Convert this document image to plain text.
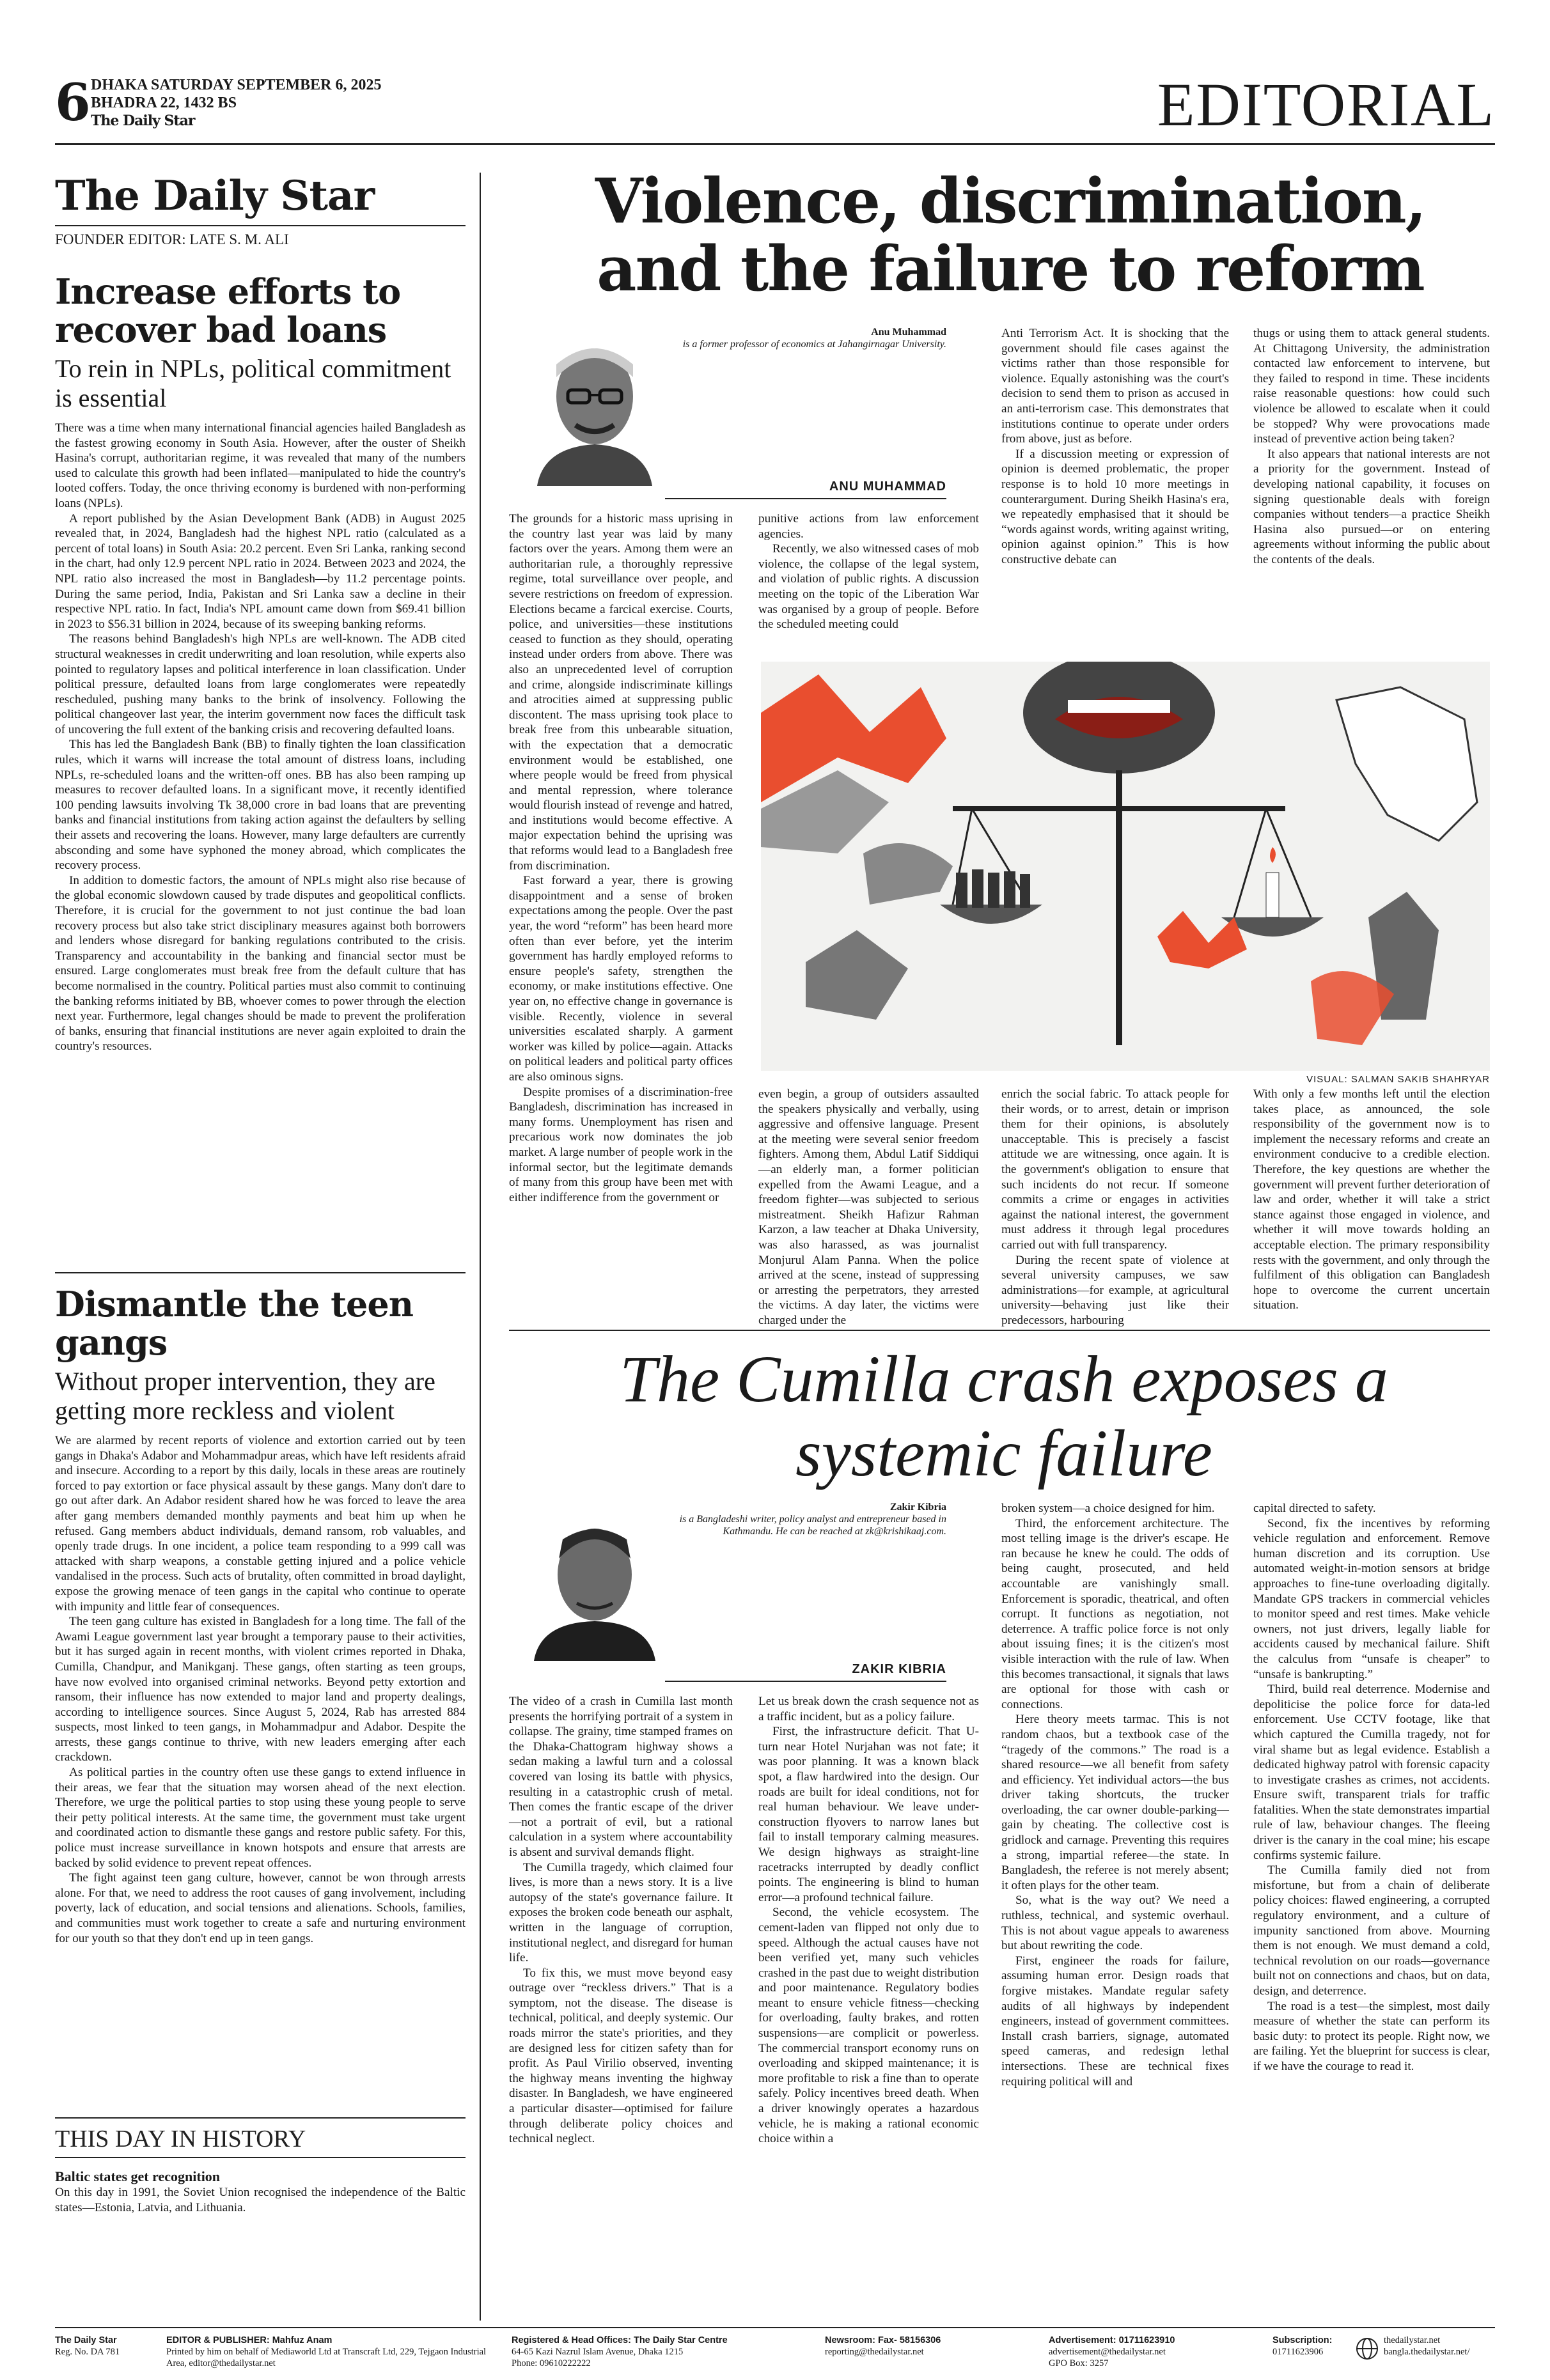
6 DHAKA SATURDAY SEPTEMBER 6, 2025
BHADRA 22, 1432 BS
The Daily Star	EDITORIAL
The Daily Star
FOUNDER EDITOR: LATE S. M. ALI
Increase efforts to recover bad loans
To rein in NPLs, political commitment is essential

There was a time when many international financial agencies hailed Bangladesh as the fastest growing economy in South Asia. However, after the ouster of Sheikh Hasina's corrupt, authoritarian regime, it was revealed that many of the numbers used to calculate this growth had been inflated—manipulated to hide the country's looted coffers. Today, the once thriving economy is burdened with non-performing loans (NPLs).

A report published by the Asian Development Bank (ADB) in August 2025 revealed that, in 2024, Bangladesh had the highest NPL ratio (calculated as a percent of total loans) in South Asia: 20.2 percent. Even Sri Lanka, ranking second in the chart, had only 12.9 percent NPL ratio in 2024. Between 2023 and 2024, the NPL ratio also increased the most in Bangladesh—by 11.2 percentage points. During the same period, India, Pakistan and Sri Lanka saw a decline in their respective NPL ratio. In fact, India's NPL amount came down from $69.41 billion in 2023 to $56.31 billion in 2024, because of its sweeping banking reforms.

The reasons behind Bangladesh's high NPLs are well-known. The ADB cited structural weaknesses in credit underwriting and loan resolution, while experts also pointed to regulatory lapses and political interference in loan classification. Under political pressure, defaulted loans from large conglomerates were repeatedly rescheduled, pushing many banks to the brink of insolvency. Following the political changeover last year, the interim government now faces the difficult task of uncovering the full extent of the banking crisis and recovering defaulted loans.

This has led the Bangladesh Bank (BB) to finally tighten the loan classification rules, which it warns will increase the total amount of distress loans, including NPLs, re-scheduled loans and the written-off ones. BB has also been ramping up measures to recover defaulted loans. In a significant move, it recently identified 100 pending lawsuits involving Tk 38,000 crore in bad loans that are preventing banks and financial institutions from taking action against the defaulters by selling their assets and recovering the loans. However, many large defaulters are currently absconding and some have syphoned the money abroad, which complicates the recovery process.

In addition to domestic factors, the amount of NPLs might also rise because of the global economic slowdown caused by trade disputes and geopolitical conflicts. Therefore, it is crucial for the government to not just continue the bad loan recovery process but also take strict disciplinary measures against both borrowers and lenders whose disregard for banking regulations contributed to the crisis. Transparency and accountability in the banking and financial sector must be ensured. Large conglomerates must break free from the default culture that has become normalised in the country. Political parties must also commit to continuing the banking reforms initiated by BB, whoever comes to power through the election next year. Furthermore, legal changes should be made to prevent the proliferation of banks, ensuring that financial institutions are never again exploited to drain the country's resources.

Dismantle the teen gangs
Without proper intervention, they are getting more reckless and violent

We are alarmed by recent reports of violence and extortion carried out by teen gangs in Dhaka's Adabor and Mohammadpur areas, which have left residents afraid and insecure. According to a report by this daily, locals in these areas are routinely forced to pay extortion or face physical assault by these gangs. Many don't dare to go out after dark. An Adabor resident shared how he was forced to leave the area after gang members demanded monthly payments and beat him up when he refused. Gang members abduct individuals, demand ransom, rob valuables, and openly trade drugs. In one incident, a police team responding to a 999 call was attacked with sharp weapons, a constable getting injured and a police vehicle vandalised in the process. Such acts of brutality, often committed in broad daylight, expose the growing menace of teen gangs in the capital who continue to operate with impunity and little fear of consequences.

The teen gang culture has existed in Bangladesh for a long time. The fall of the Awami League government last year brought a temporary pause to their activities, but it has surged again in recent months, with violent crimes reported in Dhaka, Cumilla, Chandpur, and Manikganj. These gangs, often starting as teen groups, have now evolved into organised criminal networks. Beyond petty extortion and ransom, their influence has now extended to major land and property dealings, according to intelligence sources. Since August 5, 2024, Rab has arrested 884 suspects, most linked to teen gangs, in Mohammadpur and Adabor. Despite the arrests, these gangs continue to thrive, with new leaders emerging after each crackdown.

As political parties in the country often use these gangs to extend influence in their areas, we fear that the situation may worsen ahead of the next election. Therefore, we urge the political parties to stop using these young people to serve their petty political interests. At the same time, the government must take urgent and coordinated action to dismantle these gangs and restore public safety. For this, police must increase surveillance in known hotspots and ensure that arrests are backed by solid evidence to prevent repeat offences.

The fight against teen gang culture, however, cannot be won through arrests alone. For that, we need to address the root causes of gang involvement, including poverty, lack of education, and social tensions and alienations. Schools, families, and communities must work together to create a safe and nurturing environment for our youth so that they don't end up in teen gangs.

THIS DAY IN HISTORY
Baltic states get recognition

On this day in 1991, the Soviet Union recognised the independence of the Baltic states—Estonia, Latvia, and Lithuania.

Violence, discrimination, and the failure to reform
Anu Muhammad
is a former professor of economics at Jahangirnagar University.
ANU MUHAMMAD

The grounds for a historic mass uprising in the country last year was laid by many factors over the years. Among them were an authoritarian rule, a thoroughly repressive regime, total surveillance over people, and severe restrictions on freedom of expression. Elections became a farcical exercise. Courts, police, and universities—these institutions ceased to function as they should, operating instead under orders from above. There was also an unprecedented level of corruption and crime, alongside indiscriminate killings and atrocities aimed at suppressing public discontent. The mass uprising took place to break free from this unbearable situation, with the expectation that a democratic environment would be established, one where people would be freed from physical and mental repression, where tolerance would flourish instead of revenge and hatred, and institutions would become effective. A major expectation behind the uprising was that reforms would lead to a Bangladesh free from discrimination.

Fast forward a year, there is growing disappointment and a sense of broken expectations among the people. Over the past year, the word “reform” has been heard more often than ever before, yet the interim government has hardly employed reforms to ensure people's safety, strengthen the economy, or make institutions effective. One year on, no effective change in governance is visible. Recently, violence in several universities escalated sharply. A garment worker was killed by police—again. Attacks on political leaders and political party offices are also ominous signs.

Despite promises of a discrimination-free Bangladesh, discrimination has increased in many forms. Unemployment has risen and precarious work now dominates the job market. A large number of people work in the informal sector, but the legitimate demands of many from this group have been met with either indifference from the government or

punitive actions from law enforcement agencies.

Recently, we also witnessed cases of mob violence, the collapse of the legal system, and violation of public rights. A discussion meeting on the topic of the Liberation War was organised by a group of people. Before the scheduled meeting could

Anti Terrorism Act. It is shocking that the government should file cases against the victims rather than those responsible for violence. Equally astonishing was the court's decision to send them to prison as accused in an anti-terrorism case. This demonstrates that institutions continue to operate under orders from above, just as before.

If a discussion meeting or expression of opinion is deemed problematic, the proper response is to hold 10 more meetings in counterargument. During Sheikh Hasina's era, we repeatedly emphasised that it should be “words against words, writing against writing, opinion against opinion.” This is how constructive debate can

thugs or using them to attack general students. At Chittagong University, the administration contacted law enforcement to intervene, but they failed to respond in time. These incidents raise reasonable questions: how could such violence be allowed to escalate when it could be stopped? Why were provocations made instead of preventive action being taken?

It also appears that national interests are not a priority for the government. Instead of developing national capability, it focuses on signing questionable deals with foreign companies without tenders—a practice Sheikh Hasina also pursued—or on entering agreements without informing the public about the contents of the deals.

VISUAL: SALMAN SAKIB SHAHRYAR

even begin, a group of outsiders assaulted the speakers physically and verbally, using aggressive and offensive language. Present at the meeting were several senior freedom fighters. Among them, Abdul Latif Siddiqui—an elderly man, a former politician expelled from the Awami League, and a freedom fighter—was subjected to serious mistreatment. Sheikh Hafizur Rahman Karzon, a law teacher at Dhaka University, was also harassed, as was journalist Monjurul Alam Panna. When the police arrived at the scene, instead of suppressing or arresting the perpetrators, they arrested the victims. A day later, the victims were charged under the

enrich the social fabric. To attack people for their words, or to arrest, detain or imprison them for their opinions, is absolutely unacceptable. This is precisely a fascist attitude we are witnessing, once again. It is the government's obligation to ensure that such incidents do not recur. If someone commits a crime or engages in activities against the national interest, the government must address it through legal procedures carried out with full transparency.

During the recent spate of violence at several university campuses, we saw administrations—for example, at agricultural university—behaving just like their predecessors, harbouring

With only a few months left until the election takes place, as announced, the sole responsibility of the government now is to implement the necessary reforms and create an environment conducive to a credible election. Therefore, the key questions are whether the government will prevent further deterioration of law and order, whether it will take a strict stance against those engaged in violence, and whether it will move towards holding an acceptable election. The primary responsibility rests with the government, and only through the fulfilment of this obligation can Bangladesh hope to overcome the current uncertain situation.

The Cumilla crash exposes a systemic failure
Zakir Kibria
is a Bangladeshi writer, policy analyst and entrepreneur based in Kathmandu. He can be reached at zk@krishikaaj.com.
ZAKIR KIBRIA

The video of a crash in Cumilla last month presents the horrifying portrait of a system in collapse. The grainy, time stamped frames on the Dhaka-Chattogram highway shows a sedan making a lawful turn and a colossal covered van losing its battle with physics, resulting in a catastrophic crush of metal. Then comes the frantic escape of the driver—not a portrait of evil, but a rational calculation in a system where accountability is absent and survival demands flight.

The Cumilla tragedy, which claimed four lives, is more than a news story. It is a live autopsy of the state's governance failure. It exposes the broken code beneath our asphalt, written in the language of corruption, institutional neglect, and disregard for human life.

To fix this, we must move beyond easy outrage over “reckless drivers.” That is a symptom, not the disease. The disease is technical, political, and deeply systemic. Our roads mirror the state's priorities, and they are designed less for citizen safety than for profit. As Paul Virilio observed, inventing the highway means inventing the highway disaster. In Bangladesh, we have engineered a particular disaster—optimised for failure through deliberate policy choices and technical neglect.

Let us break down the crash sequence not as a traffic incident, but as a policy failure.

First, the infrastructure deficit. That U-turn near Hotel Nurjahan was not fate; it was poor planning. It was a known black spot, a flaw hardwired into the design. Our roads are built for ideal conditions, not for real human behaviour. We leave under-construction flyovers to narrow lanes but fail to install temporary calming measures. We design highways as straight-line racetracks interrupted by deadly conflict points. The engineering is blind to human error—a profound technical failure.

Second, the vehicle ecosystem. The cement-laden van flipped not only due to speed. Although the actual causes have not been verified yet, many such vehicles crashed in the past due to weight distribution and poor maintenance. Regulatory bodies meant to ensure vehicle fitness—checking for overloading, faulty brakes, and rotten suspensions—are complicit or powerless. The commercial transport economy runs on overloading and skipped maintenance; it is more profitable to risk a fine than to operate safely. Policy incentives breed death. When a driver knowingly operates a hazardous vehicle, he is making a rational economic choice within a

broken system—a choice designed for him.

Third, the enforcement architecture. The most telling image is the driver's escape. He ran because he knew he could. The odds of being caught, prosecuted, and held accountable are vanishingly small. Enforcement is sporadic, theatrical, and often corrupt. It functions as negotiation, not deterrence. A traffic police force is not only about issuing fines; it is the citizen's most visible interaction with the rule of law. When this becomes transactional, it signals that laws are optional for those with cash or connections.

Here theory meets tarmac. This is not random chaos, but a textbook case of the “tragedy of the commons.” The road is a shared resource—we all benefit from safety and efficiency. Yet individual actors—the bus driver taking shortcuts, the trucker overloading, the car owner double-parking—gain by cheating. The collective cost is gridlock and carnage. Preventing this requires a strong, impartial referee—the state. In Bangladesh, the referee is not merely absent; it often plays for the other team.

So, what is the way out? We need a ruthless, technical, and systemic overhaul. This is not about vague appeals to awareness but about rewriting the code.

First, engineer the roads for failure, assuming human error. Design roads that forgive mistakes. Mandate regular safety audits of all highways by independent engineers, instead of government committees. Install crash barriers, signage, automated speed cameras, and redesign lethal intersections. These are technical fixes requiring political will and

capital directed to safety.

Second, fix the incentives by reforming vehicle regulation and enforcement. Remove human discretion and its corruption. Use automated weight-in-motion sensors at bridge approaches to fine-tune overloading digitally. Mandate GPS trackers in commercial vehicles to monitor speed and rest times. Make vehicle owners, not just drivers, legally liable for accidents caused by mechanical failure. Shift the calculus from “unsafe is cheaper” to “unsafe is bankrupting.”

Third, build real deterrence. Modernise and depoliticise the police force for data-led enforcement. Use CCTV footage, like that which captured the Cumilla tragedy, not for viral shame but as legal evidence. Establish a dedicated highway patrol with forensic capacity to investigate crashes as crimes, not accidents. Ensure swift, transparent trials for traffic fatalities. When the state demonstrates impartial rule of law, behaviour changes. The fleeing driver is the canary in the coal mine; his escape confirms systemic failure.

The Cumilla family died not from misfortune, but from a chain of deliberate policy choices: flawed engineering, a corrupted regulatory environment, and a culture of impunity sanctioned from above. Mourning them is not enough. We must demand a cold, technical revolution on our roads—governance built not on connections and chaos, but on data, design, and deterrence.

The road is a test—the simplest, most daily measure of whether the state can perform its basic duty: to protect its people. Right now, we are failing. Yet the blueprint for success is clear, if we have the courage to read it.

The Daily Star
Reg. No. DA 781
EDITOR & PUBLISHER: Mahfuz Anam
Printed by him on behalf of Mediaworld Ltd at Transcraft Ltd, 229, Tejgaon Industrial Area, editor@thedailystar.net
Registered & Head Offices: The Daily Star Centre
64-65 Kazi Nazrul Islam Avenue, Dhaka 1215
Phone: 09610222222
Newsroom: Fax- 58156306
reporting@thedailystar.net
Advertisement: 01711623910
advertisement@thedailystar.net
GPO Box: 3257
Subscription:
01711623906
thedailystar.net
bangla.thedailystar.net/
